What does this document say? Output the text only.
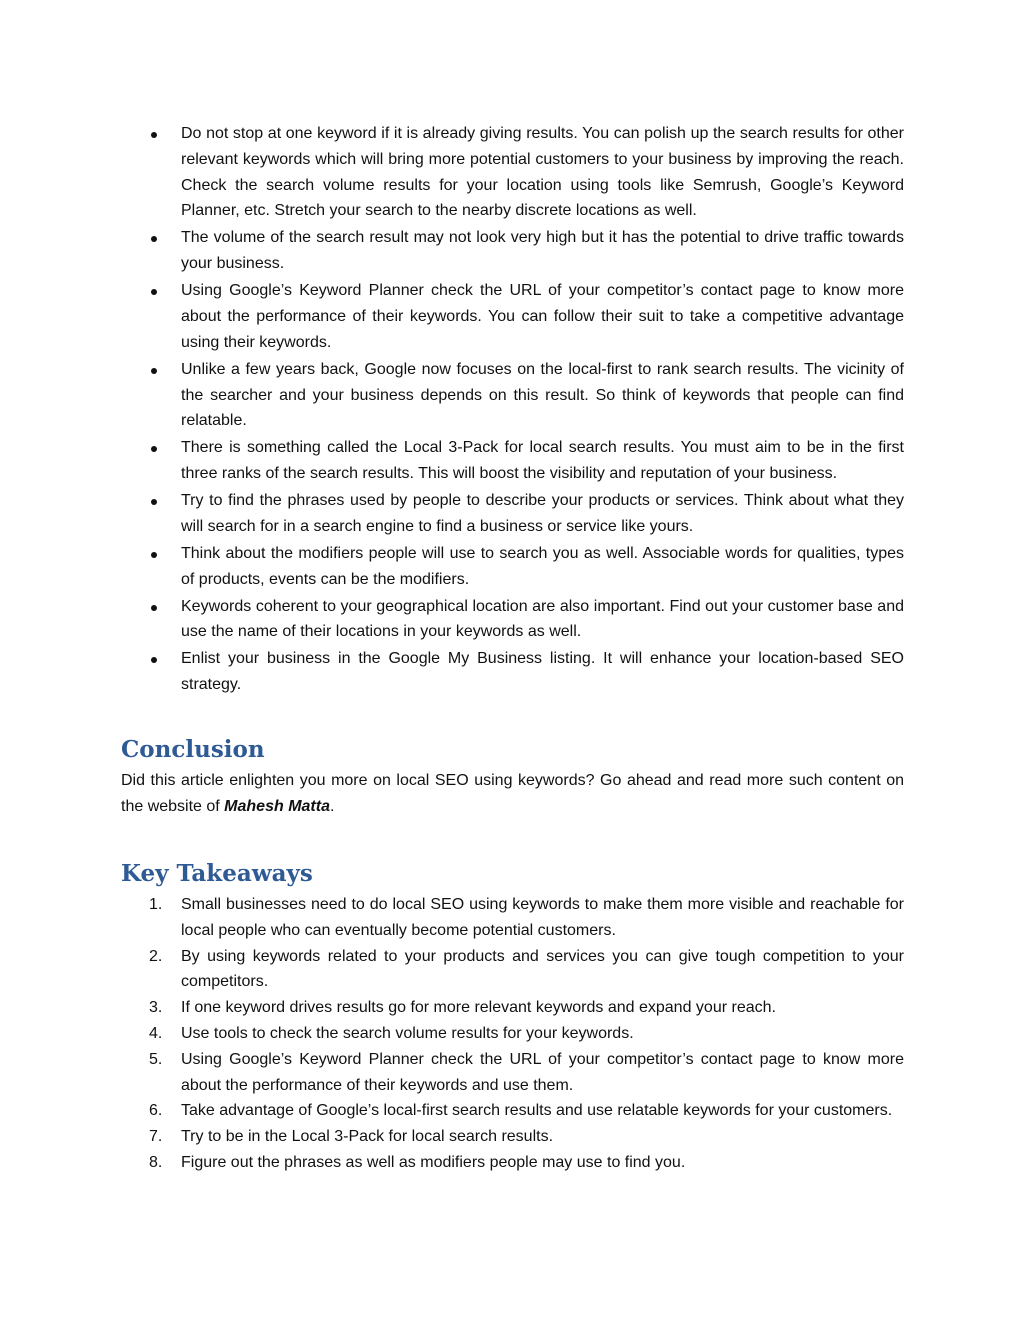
Do not stop at one keyword if it is already giving results. You can polish up the search results for other relevant keywords which will bring more potential customers to your business by improving the reach. Check the search volume results for your location using tools like Semrush, Google’s Keyword Planner, etc. Stretch your search to the nearby discrete locations as well.
The volume of the search result may not look very high but it has the potential to drive traffic towards your business.
Using Google’s Keyword Planner check the URL of your competitor’s contact page to know more about the performance of their keywords. You can follow their suit to take a competitive advantage using their keywords.
Unlike a few years back, Google now focuses on the local-first to rank search results. The vicinity of the searcher and your business depends on this result. So think of keywords that people can find relatable.
There is something called the Local 3-Pack for local search results. You must aim to be in the first three ranks of the search results. This will boost the visibility and reputation of your business.
Try to find the phrases used by people to describe your products or services. Think about what they will search for in a search engine to find a business or service like yours.
Think about the modifiers people will use to search you as well. Associable words for qualities, types of products, events can be the modifiers.
Keywords coherent to your geographical location are also important. Find out your customer base and use the name of their locations in your keywords as well.
Enlist your business in the Google My Business listing. It will enhance your location-based SEO strategy.
Conclusion

Did this article enlighten you more on local SEO using keywords? Go ahead and read more such content on the website of Mahesh Matta.

Key Takeaways
1. Small businesses need to do local SEO using keywords to make them more visible and reachable for local people who can eventually become potential customers.
2. By using keywords related to your products and services you can give tough competition to your competitors.
3. If one keyword drives results go for more relevant keywords and expand your reach.
4. Use tools to check the search volume results for your keywords.
5. Using Google’s Keyword Planner check the URL of your competitor’s contact page to know more about the performance of their keywords and use them.
6. Take advantage of Google’s local-first search results and use relatable keywords for your customers.
7. Try to be in the Local 3-Pack for local search results.
8. Figure out the phrases as well as modifiers people may use to find you.
